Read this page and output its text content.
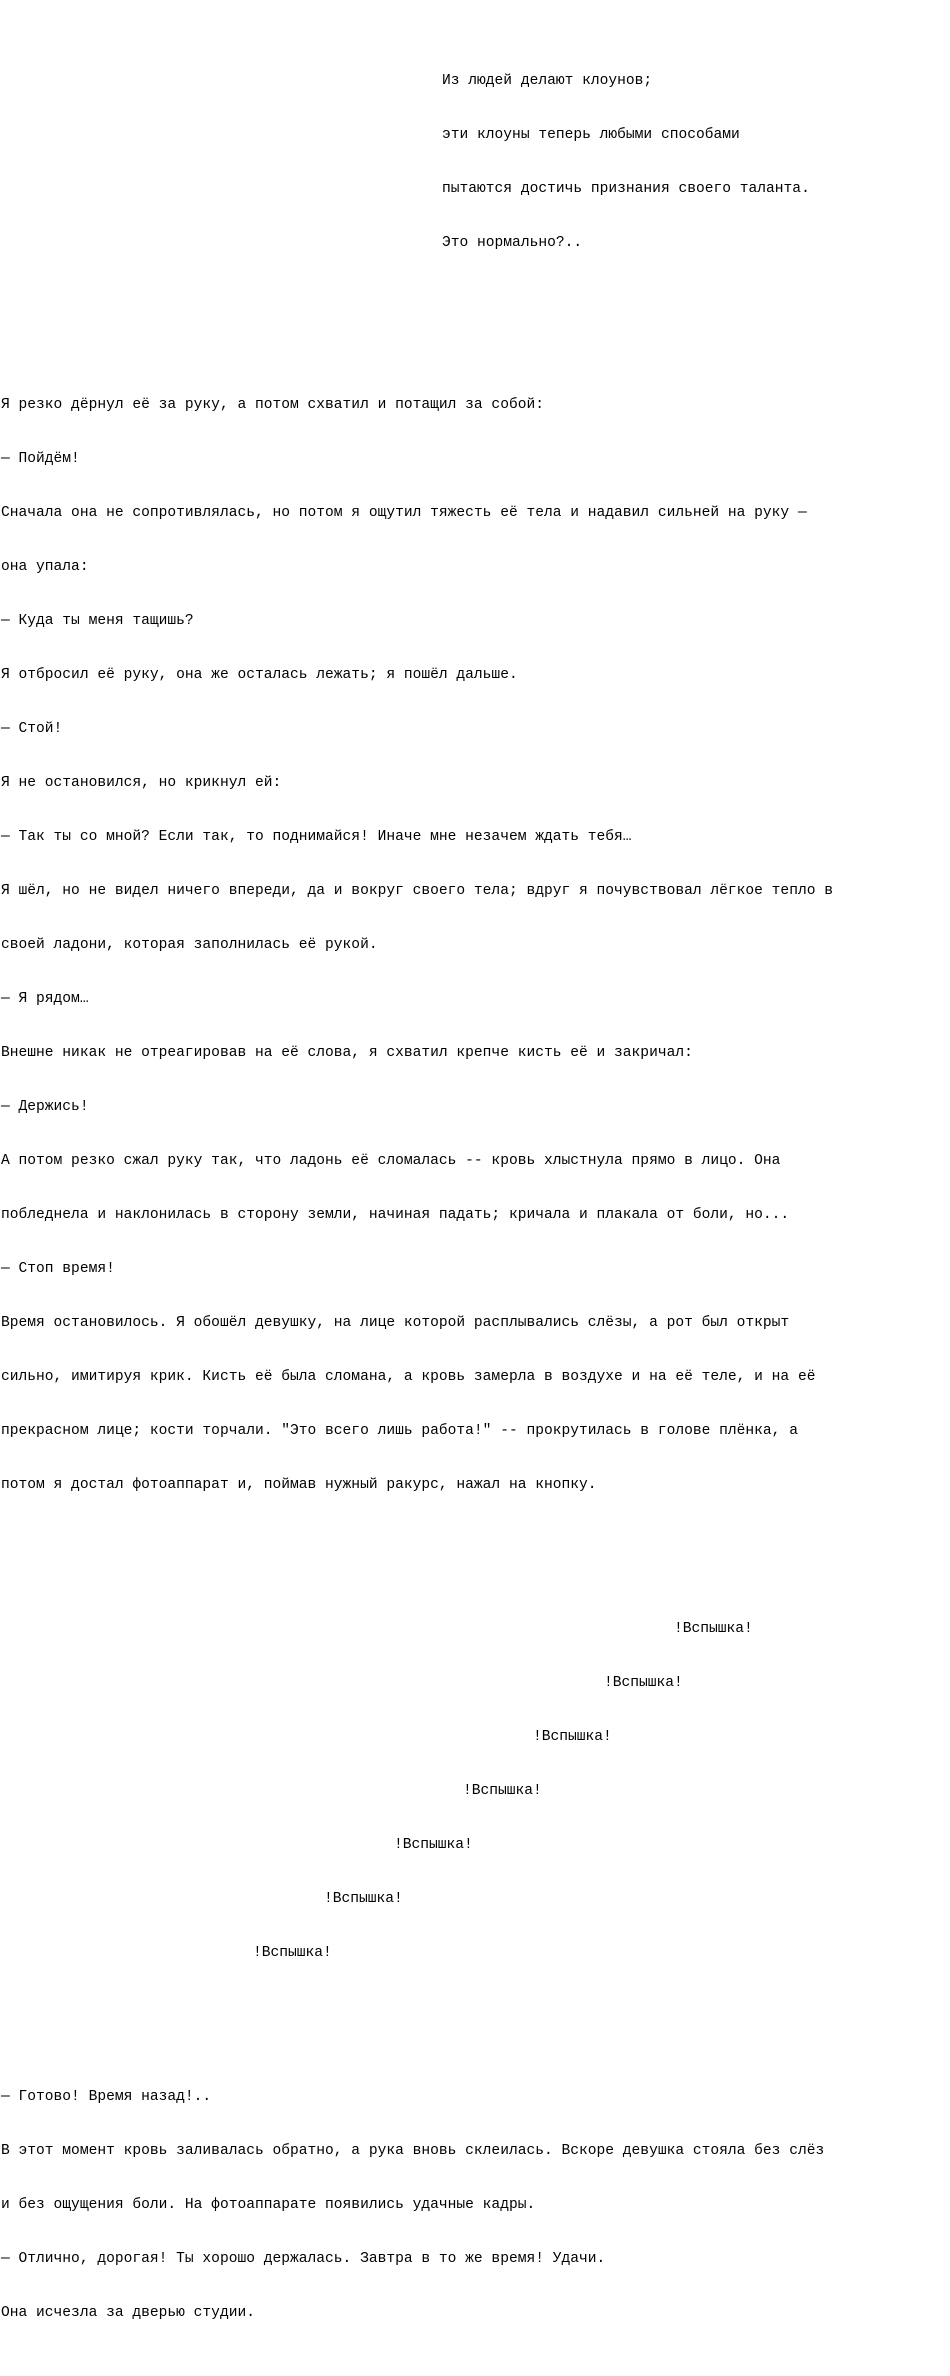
Из людей делают клоунов;

эти клоуны теперь любыми способами

пытаются достичь признания своего таланта.

Это нормально?..

Я резко дёрнул её за руку, а потом схватил и потащил за собой:

— Пойдём!

Сначала она не сопротивлялась, но потом я ощутил тяжесть её тела и надавил сильней на руку —

она упала:

— Куда ты меня тащишь?

Я отбросил её руку, она же осталась лежать; я пошёл дальше.

— Стой!

Я не остановился, но крикнул ей:

— Так ты со мной? Если так, то поднимайся! Иначе мне незачем ждать тебя…

Я шёл, но не видел ничего впереди, да и вокруг своего тела; вдруг я почувствовал лёгкое тепло в

своей ладони, которая заполнилась её рукой.

— Я рядом…

Внешне никак не отреагировав на её слова, я схватил крепче кисть её и закричал:

— Держись!

А потом резко сжал руку так, что ладонь её сломалась -- кровь хлыстнула прямо в лицо. Она

побледнела и наклонилась в сторону земли, начиная падать; кричала и плакала от боли, но...

— Стоп время!

Время остановилось. Я обошёл девушку, на лице которой расплывались слёзы, а рот был открыт

сильно, имитируя крик. Кисть её была сломана, а кровь замерла в воздухе и на её теле, и на её

прекрасном лице; кости торчали. "Это всего лишь работа!" -- прокрутилась в голове плёнка, а

потом я достал фотоаппарат и, поймав нужный ракурс, нажал на кнопку.

!Вспышка!

!Вспышка!

!Вспышка!

!Вспышка!

!Вспышка!

!Вспышка!

!Вспышка!

— Готово! Время назад!..

В этот момент кровь заливалась обратно, а рука вновь склеилась. Вскоре девушка стояла без слёз

и без ощущения боли. На фотоаппарате появились удачные кадры.

— Отлично, дорогая! Ты хорошо держалась. Завтра в то же время! Удачи.

Она исчезла за дверью студии.
